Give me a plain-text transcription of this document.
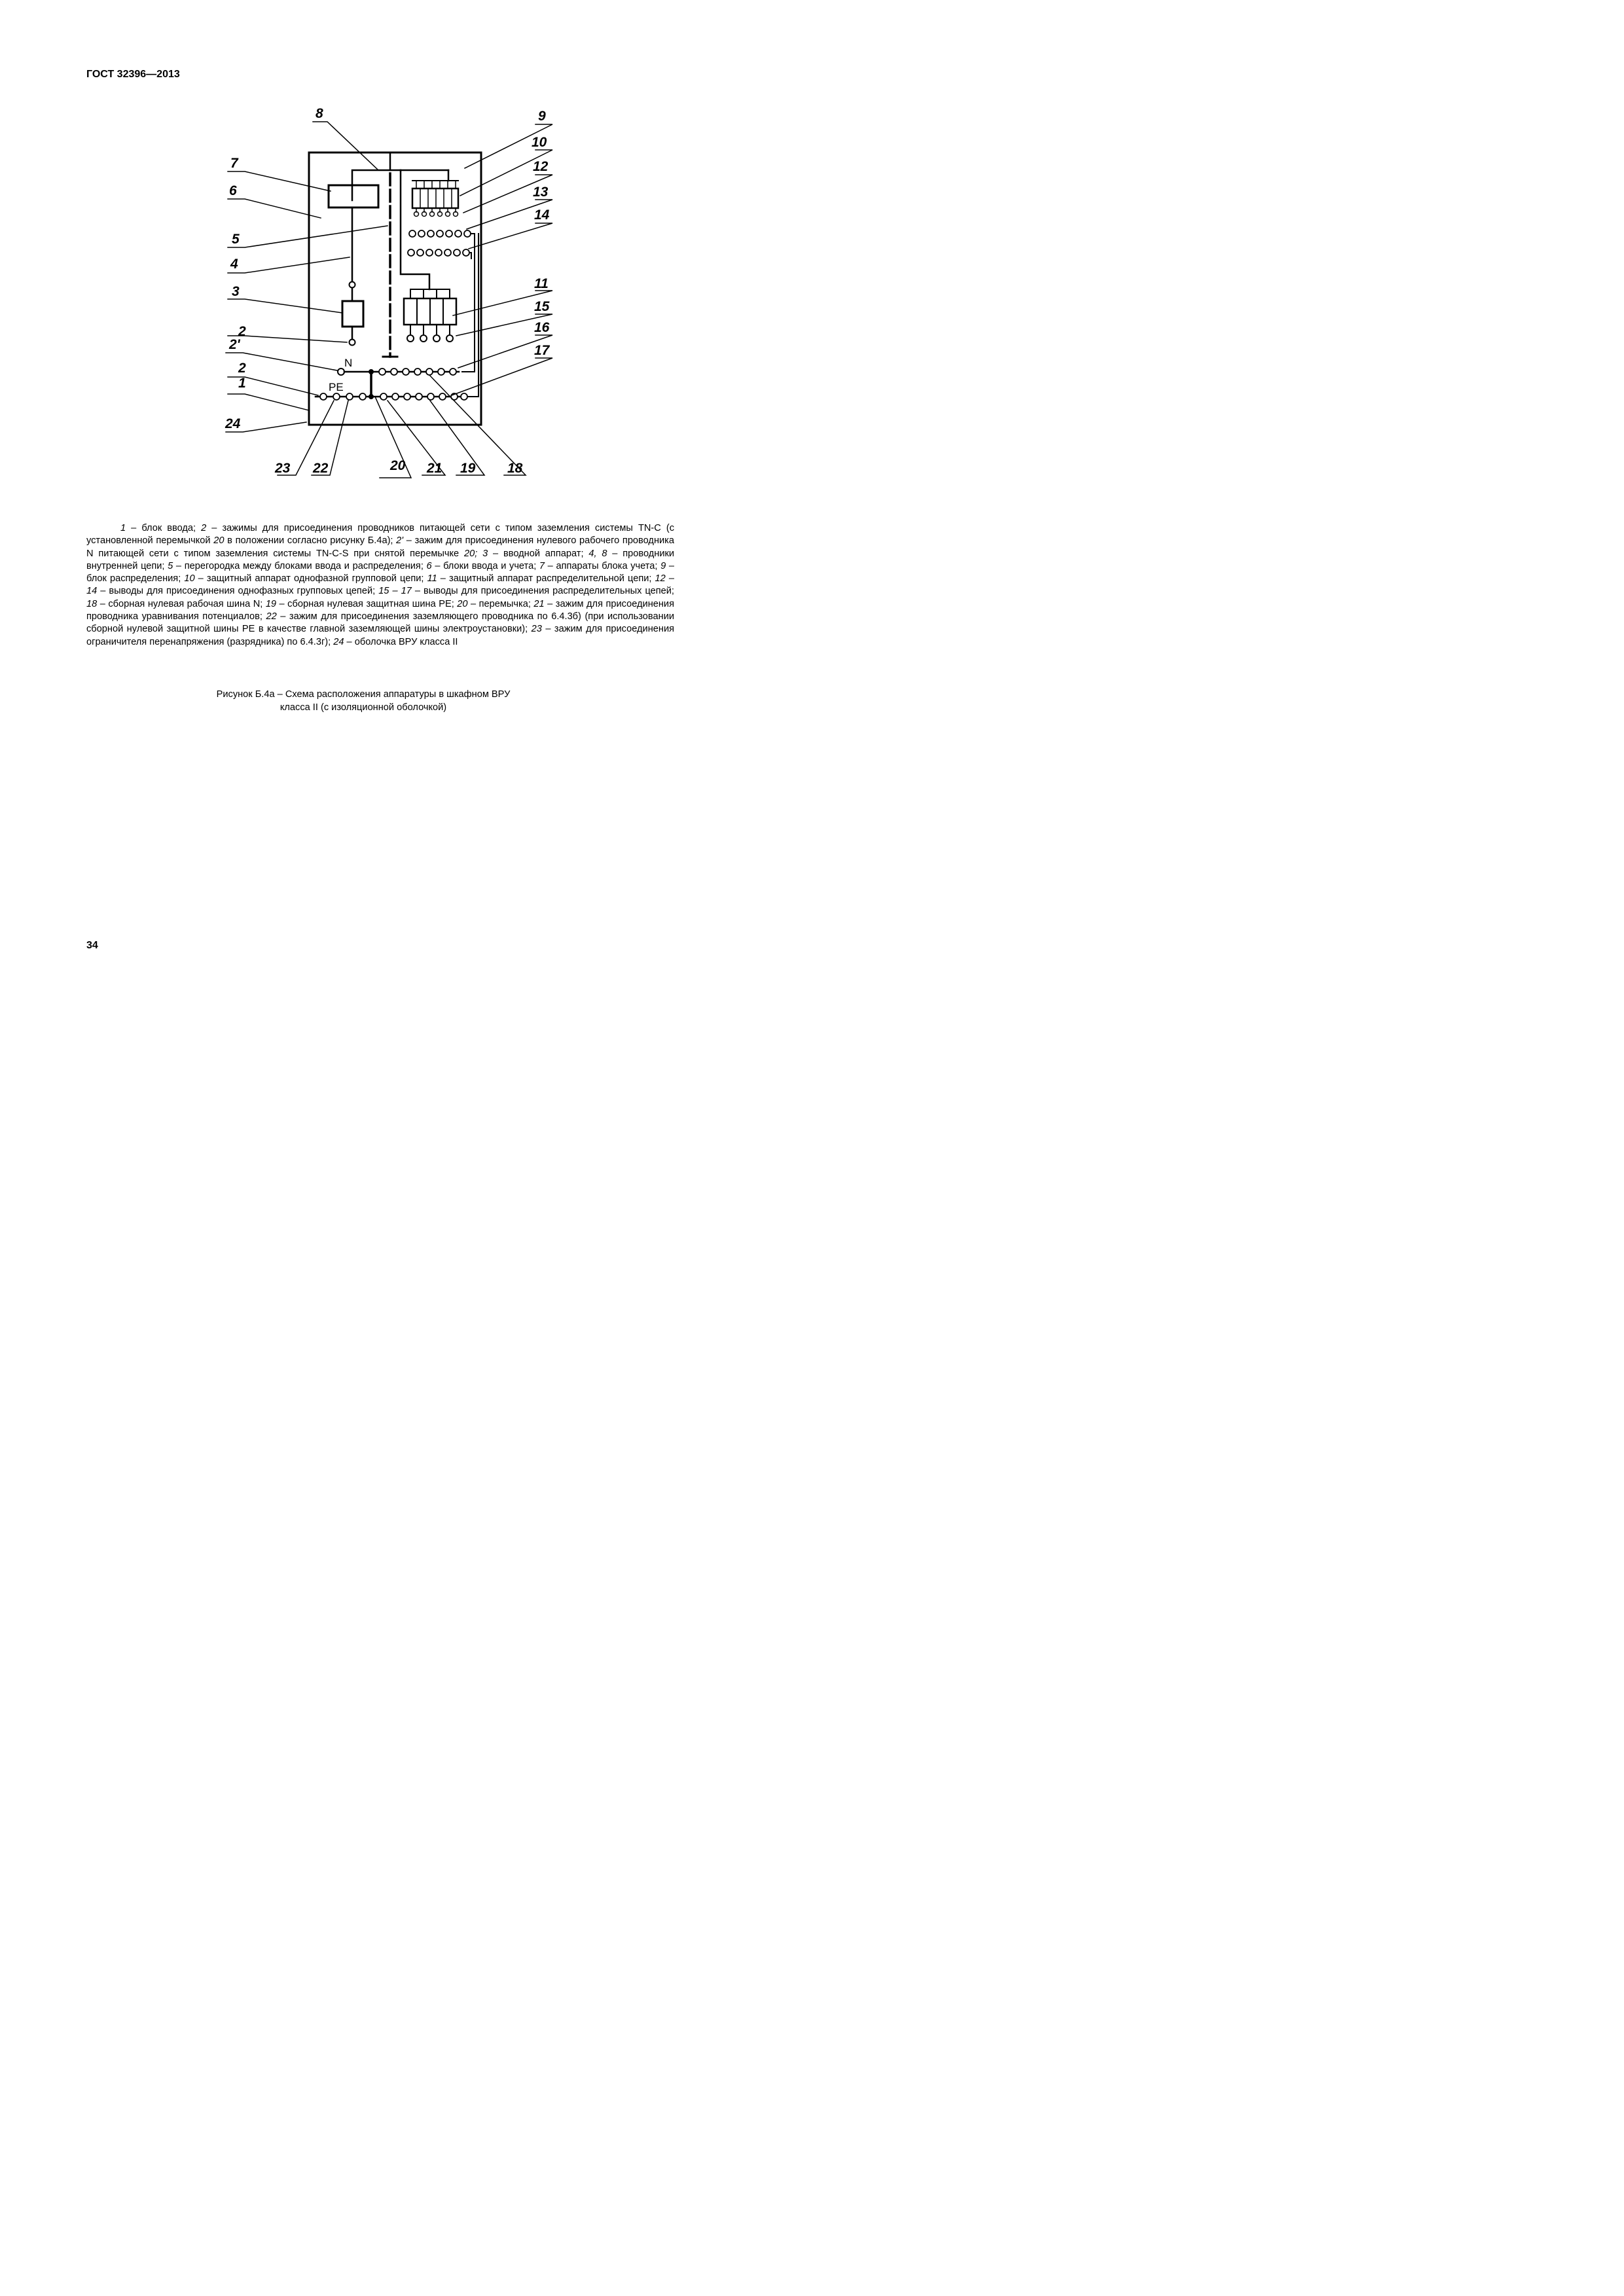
ГОСТ 32396—2013
N
PE
1
2
2'
2
3
4
5
6
7
8	9
10
11
12
13
14
15
16
17
18
19
20 21
22
23
24

1 – блок ввода; 2 – зажимы для присоединения проводников питающей сети с типом заземления системы TN-C (с установленной перемычкой 20 в положении согласно рисунку Б.4а); 2' – зажим для присоединения нулевого рабочего проводника N питающей сети с типом заземления системы TN-C-S при снятой перемычке 20; 3 – вводной аппарат; 4, 8 – проводники внутренней цепи; 5 – перегородка между блоками ввода и распределения; 6 – блоки ввода и учета; 7 – аппараты блока учета; 9 – блок распределения; 10 – защитный аппарат однофазной групповой цепи; 11 – защитный аппарат распределительной цепи; 12 – 14 – выводы для присоединения однофазных групповых цепей; 15 – 17 – выводы для присоединения распределительных цепей; 18 – сборная нулевая рабочая шина N; 19 – сборная нулевая защитная шина PE; 20 – перемычка; 21 – зажим для присоединения проводника уравнивания потенциалов; 22 – зажим для присоединения заземляющего проводника по 6.4.3б) (при использовании сборной нулевой защитной шины PE в качестве главной заземляющей шины электроустановки); 23 – зажим для присоединения ограничителя перенапряжения (разрядника) по 6.4.3г); 24 – оболочка ВРУ класса II

Рисунок Б.4а – Схема расположения аппаратуры в шкафном ВРУ
класса II (с изоляционной оболочкой)
34
